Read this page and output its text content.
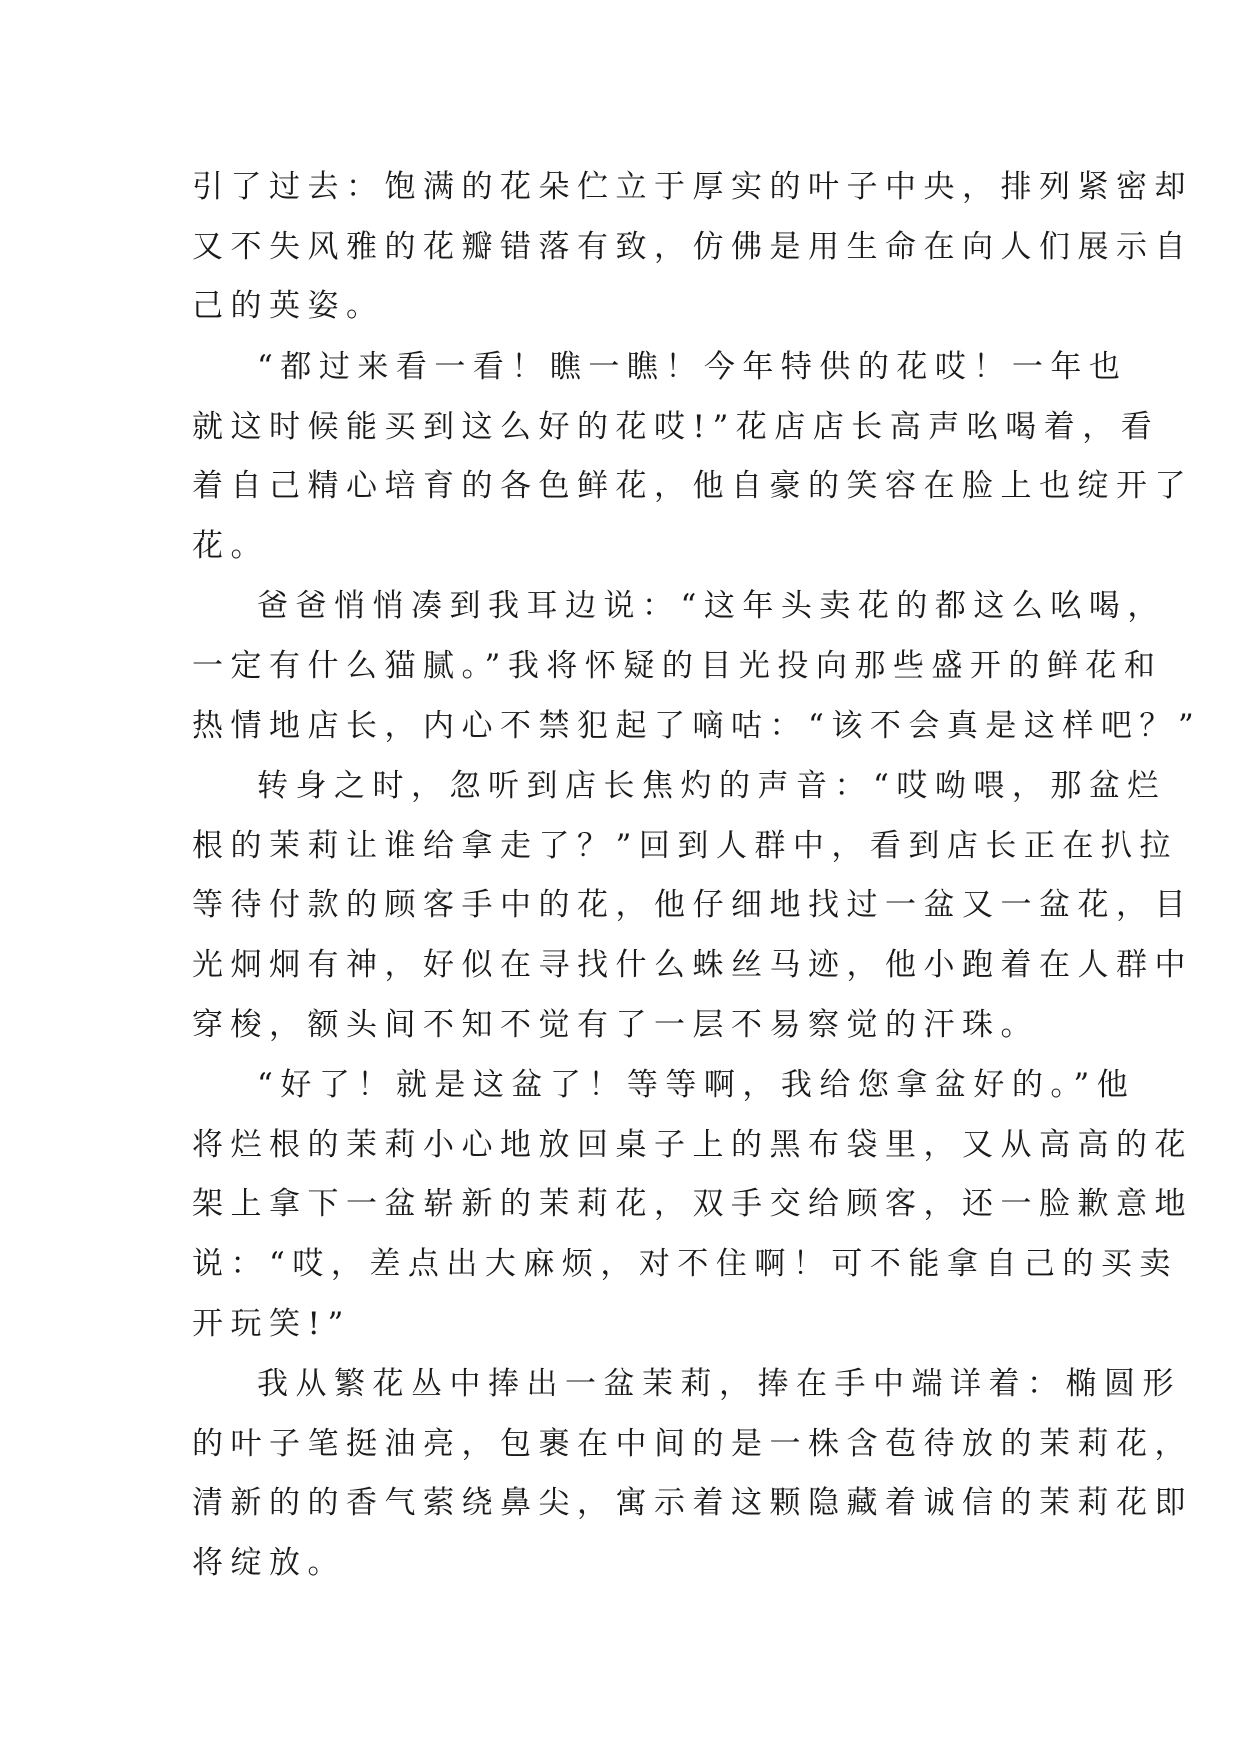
引了过去：饱满的花朵伫立于厚实的叶子中央，排列紧密却
又不失风雅的花瓣错落有致，仿佛是用生命在向人们展示自
己的英姿。
“都过来看一看！瞧一瞧！今年特供的花哎！一年也
就这时候能买到这么好的花哎!”花店店长高声吆喝着，看
着自己精心培育的各色鲜花，他自豪的笑容在脸上也绽开了
花。
爸爸悄悄凑到我耳边说：“这年头卖花的都这么吆喝，
一定有什么猫腻。”我将怀疑的目光投向那些盛开的鲜花和
热情地店长，内心不禁犯起了嘀咕：“该不会真是这样吧？”
转身之时，忽听到店长焦灼的声音：“哎呦喂，那盆烂
根的茉莉让谁给拿走了？”回到人群中，看到店长正在扒拉
等待付款的顾客手中的花，他仔细地找过一盆又一盆花，目
光炯炯有神，好似在寻找什么蛛丝马迹，他小跑着在人群中
穿梭，额头间不知不觉有了一层不易察觉的汗珠。
“好了！就是这盆了！等等啊，我给您拿盆好的。”他
将烂根的茉莉小心地放回桌子上的黑布袋里，又从高高的花
架上拿下一盆崭新的茉莉花，双手交给顾客，还一脸歉意地
说：“哎，差点出大麻烦，对不住啊！可不能拿自己的买卖
开玩笑!”
我从繁花丛中捧出一盆茉莉，捧在手中端详着：椭圆形
的叶子笔挺油亮，包裹在中间的是一株含苞待放的茉莉花，
清新的的香气萦绕鼻尖，寓示着这颗隐藏着诚信的茉莉花即
将绽放。
